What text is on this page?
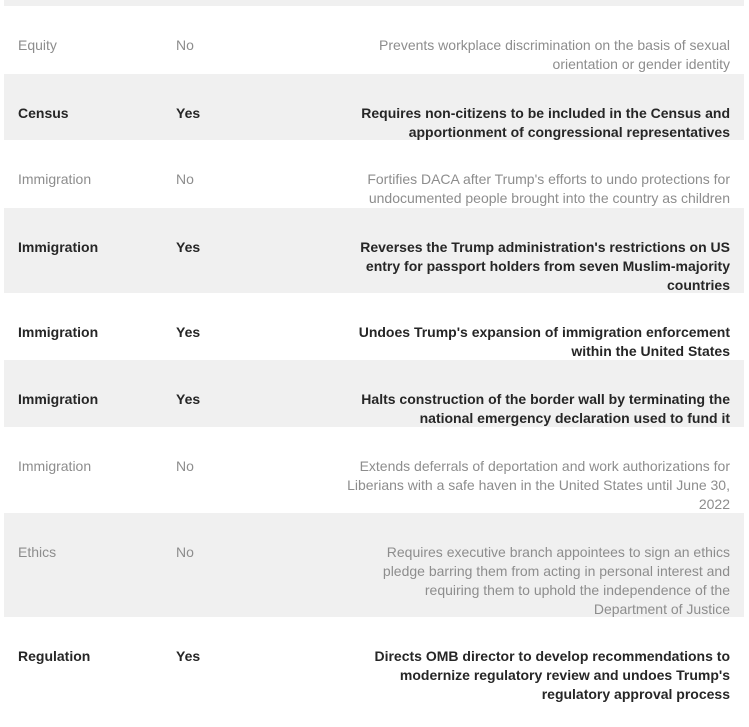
Equity	No	Prevents workplace discrimination on the basis of sexual orientation or gender identity
Census	Yes	Requires non-citizens to be included in the Census and apportionment of congressional representatives
Immigration	No	Fortifies DACA after Trump's efforts to undo protections for undocumented people brought into the country as children
Immigration	Yes	Reverses the Trump administration's restrictions on US entry for passport holders from seven Muslim-majority countries
Immigration	Yes	Undoes Trump's expansion of immigration enforcement within the United States
Immigration	Yes	Halts construction of the border wall by terminating the national emergency declaration used to fund it
Immigration	No	Extends deferrals of deportation and work authorizations for Liberians with a safe haven in the United States until June 30, 2022
Ethics	No	Requires executive branch appointees to sign an ethics pledge barring them from acting in personal interest and requiring them to uphold the independence of the Department of Justice
Regulation	Yes	Directs OMB director to develop recommendations to modernize regulatory review and undoes Trump's regulatory approval process
